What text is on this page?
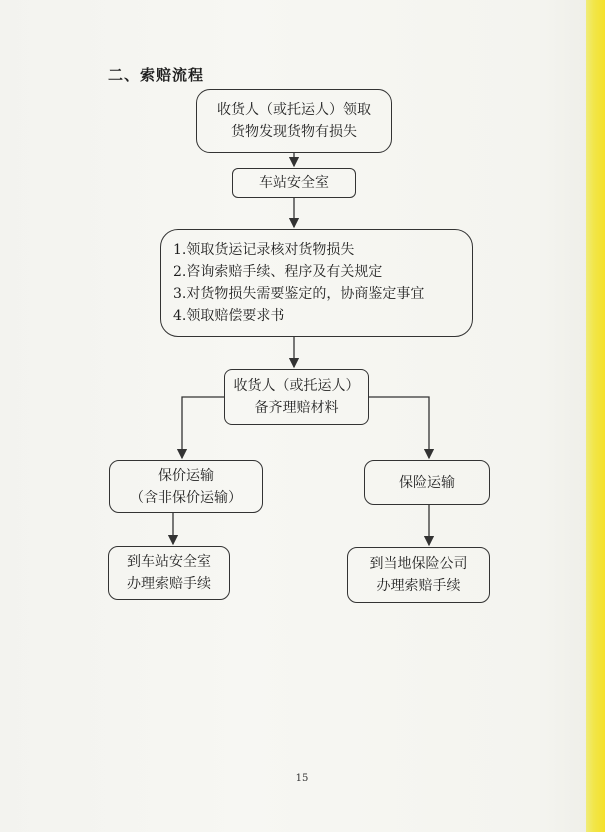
二、索赔流程
收货人（或托运人）领取
货物发现货物有损失
车站安全室
1.领取货运记录核对货物损失
2.咨询索赔手续、程序及有关规定
3.对货物损失需要鉴定的，协商鉴定事宜
4.领取赔偿要求书
收货人（或托运人）
备齐理赔材料
保价运输
（含非保价运输）
保险运输
到车站安全室
办理索赔手续
到当地保险公司
办理索赔手续
15
